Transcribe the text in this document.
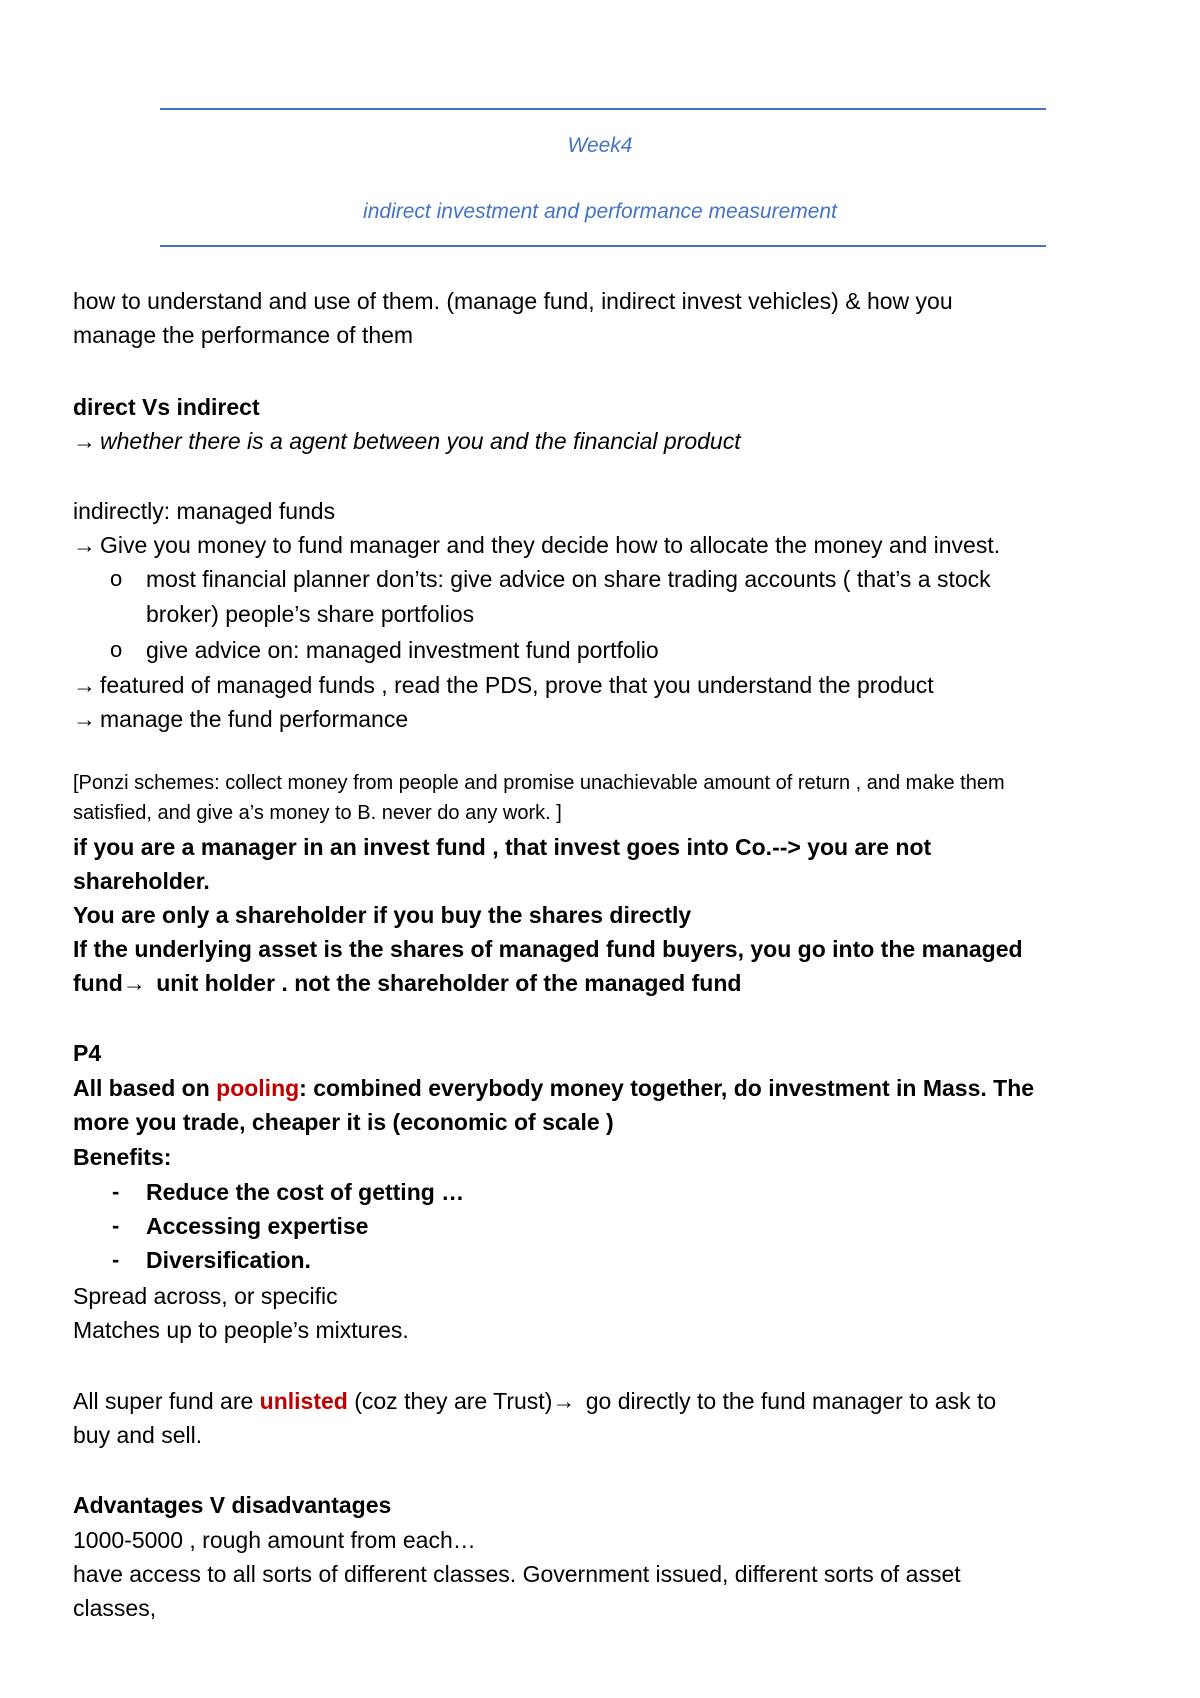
Week4
indirect investment and performance measurement
how to understand and use of them. (manage fund, indirect invest vehicles) & how you
manage the performance of them
direct Vs indirect
→ whether there is a agent between you and the financial product
indirectly: managed funds
→ Give you money to fund manager and they decide how to allocate the money and invest.
o most financial planner don’ts: give advice on share trading accounts ( that’s a stock
broker) people’s share portfolios
o give advice on: managed investment fund portfolio
→ featured of managed funds , read the PDS, prove that you understand the product
→ manage the fund performance
[Ponzi schemes: collect money from people and promise unachievable amount of return , and make them
satisfied, and give a’s money to B. never do any work. ]
if you are a manager in an invest fund , that invest goes into Co.--> you are not
shareholder.
You are only a shareholder if you buy the shares directly
If the underlying asset is the shares of managed fund buyers, you go into the managed
fund→ unit holder . not the shareholder of the managed fund
P4
All based on pooling: combined everybody money together, do investment in Mass. The
more you trade, cheaper it is (economic of scale )
Benefits:
- Reduce the cost of getting …
- Accessing expertise
- Diversification.
Spread across, or specific
Matches up to people’s mixtures.
All super fund are unlisted (coz they are Trust)→ go directly to the fund manager to ask to
buy and sell.
Advantages V disadvantages
1000-5000 , rough amount from each…
have access to all sorts of different classes. Government issued, different sorts of asset
classes,
